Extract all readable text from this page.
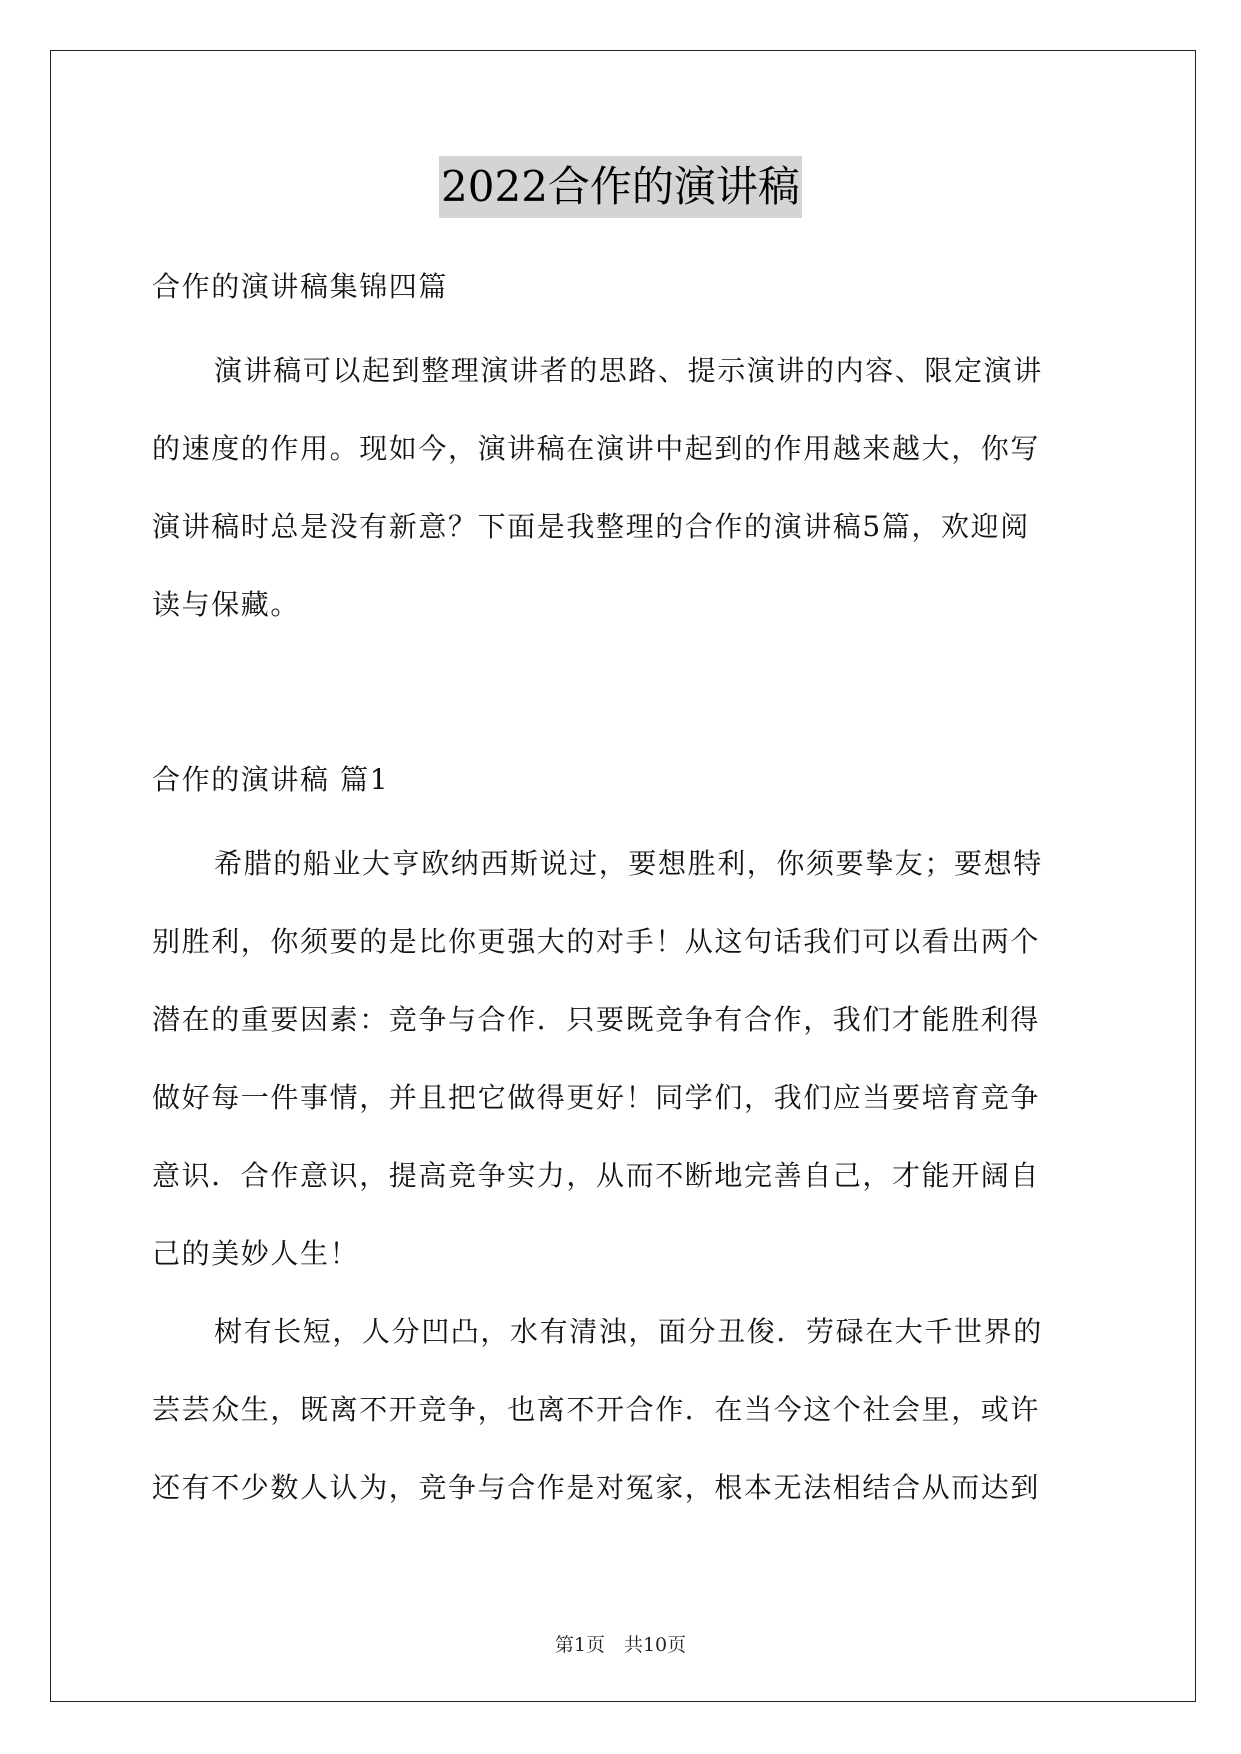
2022合作的演讲稿
合作的演讲稿集锦四篇
演讲稿可以起到整理演讲者的思路、提示演讲的内容、限定演讲
的速度的作用。现如今，演讲稿在演讲中起到的作用越来越大，你写
演讲稿时总是没有新意？下面是我整理的合作的演讲稿5篇，欢迎阅
读与保藏。
合作的演讲稿 篇1
希腊的船业大亨欧纳西斯说过，要想胜利，你须要挚友；要想特
别胜利，你须要的是比你更强大的对手！从这句话我们可以看出两个
潜在的重要因素：竞争与合作．只要既竞争有合作，我们才能胜利得
做好每一件事情，并且把它做得更好！同学们，我们应当要培育竞争
意识．合作意识，提高竞争实力，从而不断地完善自己，才能开阔自
己的美妙人生！
树有长短，人分凹凸，水有清浊，面分丑俊．劳碌在大千世界的
芸芸众生，既离不开竞争，也离不开合作．在当今这个社会里，或许
还有不少数人认为，竞争与合作是对冤家，根本无法相结合从而达到
第1页　共10页
